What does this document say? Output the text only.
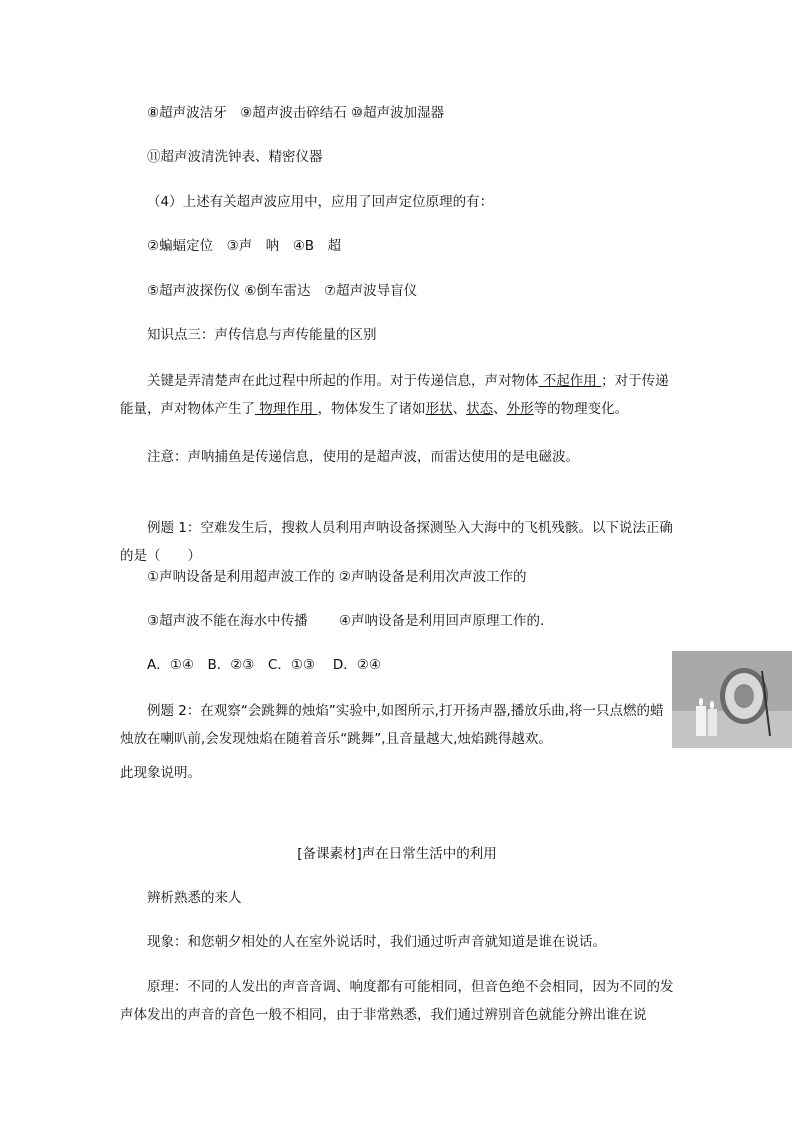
⑧超声波洁牙　⑨超声波击碎结石 ⑩超声波加湿器
⑪超声波清洗钟表、精密仪器
（4）上述有关超声波应用中，应用了回声定位原理的有：
②蝙蝠定位　③声　呐　④B　超
⑤超声波探伤仪 ⑥倒车雷达　⑦超声波导盲仪
知识点三：声传信息与声传能量的区别
关键是弄清楚声在此过程中所起的作用。对于传递信息，声对物体 不起作用 ；对于传递能量，声对物体产生了 物理作用 ，物体发生了诸如形状、状态、外形等的物理变化。
注意：声呐捕鱼是传递信息，使用的是超声波，而雷达使用的是电磁波。
例题 1：空难发生后，搜救人员利用声呐设备探测坠入大海中的飞机残骸。以下说法正确的是（　　）
①声呐设备是利用超声波工作的 ②声呐设备是利用次声波工作的
③超声波不能在海水中传播　　 ④声呐设备是利用回声原理工作的.
A．①④　B．②③　C．①③　 D．②④
例题 2：在观察“会跳舞的烛焰”实验中,如图所示,打开扬声器,播放乐曲,将一只点燃的蜡烛放在喇叭前,会发现烛焰在随着音乐“跳舞”,且音量越大,烛焰跳得越欢。
此现象说明。
[备课素材]声在日常生活中的利用
辨析熟悉的来人
现象：和您朝夕相处的人在室外说话时，我们通过听声音就知道是谁在说话。
原理：不同的人发出的声音音调、响度都有可能相同，但音色绝不会相同，因为不同的发声体发出的声音的音色一般不相同，由于非常熟悉，我们通过辨别音色就能分辨出谁在说
